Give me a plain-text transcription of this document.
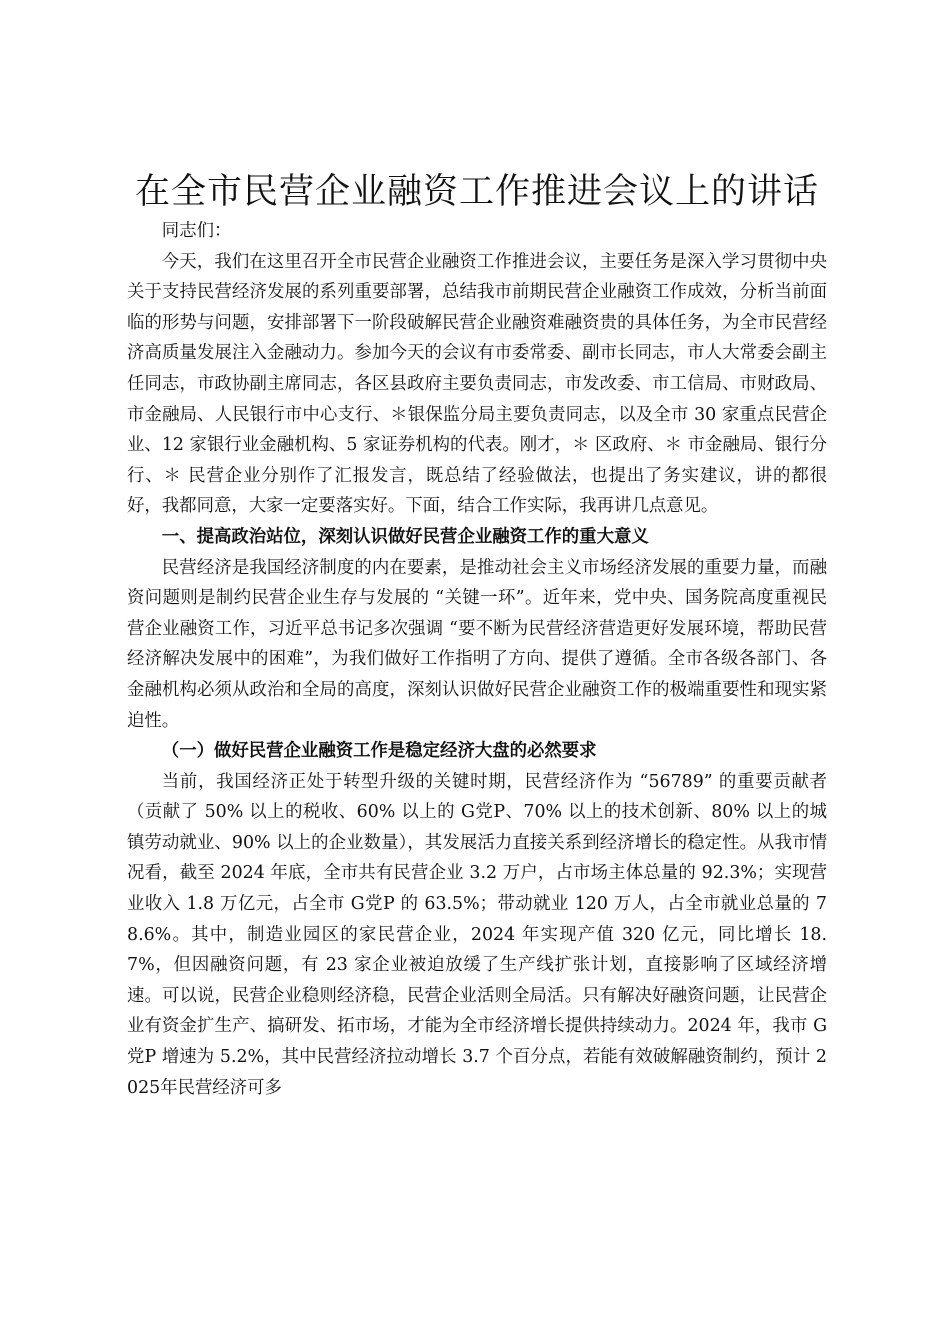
在全市民营企业融资工作推进会议上的讲话

同志们：

今天，我们在这里召开全市民营企业融资工作推进会议，主要任务是深入学习贯彻中央关于支持民营经济发展的系列重要部署，总结我市前期民营企业融资工作成效，分析当前面临的形势与问题，安排部署下一阶段破解民营企业融资难融资贵的具体任务，为全市民营经济高质量发展注入金融动力。参加今天的会议有市委常委、副市长同志，市人大常委会副主任同志，市政协副主席同志，各区县政府主要负责同志，市发改委、市工信局、市财政局、市金融局、人民银行市中心支行、＊银保监分局主要负责同志，以及全市 30 家重点民营企业、12 家银行业金融机构、5 家证券机构的代表。刚才，＊ 区政府、＊ 市金融局、银行分行、＊ 民营企业分别作了汇报发言，既总结了经验做法，也提出了务实建议，讲的都很好，我都同意，大家一定要落实好。下面，结合工作实际，我再讲几点意见。

一、提高政治站位，深刻认识做好民营企业融资工作的重大意义

民营经济是我国经济制度的内在要素，是推动社会主义市场经济发展的重要力量，而融资问题则是制约民营企业生存与发展的 “关键一环”。近年来，党中央、国务院高度重视民营企业融资工作，习近平总书记多次强调 “要不断为民营经济营造更好发展环境，帮助民营经济解决发展中的困难”，为我们做好工作指明了方向、提供了遵循。全市各级各部门、各金融机构必须从政治和全局的高度，深刻认识做好民营企业融资工作的极端重要性和现实紧迫性。

（一）做好民营企业融资工作是稳定经济大盘的必然要求

当前，我国经济正处于转型升级的关键时期，民营经济作为 “56789” 的重要贡献者（贡献了 50% 以上的税收、60% 以上的 G党P、70% 以上的技术创新、80% 以上的城镇劳动就业、90% 以上的企业数量），其发展活力直接关系到经济增长的稳定性。从我市情况看，截至 2024 年底，全市共有民营企业 3.2 万户，占市场主体总量的 92.3%；实现营业收入 1.8 万亿元，占全市 G党P 的 63.5%；带动就业 120 万人，占全市就业总量的 78.6%。其中，制造业园区的家民营企业，2024 年实现产值 320 亿元，同比增长 18.7%，但因融资问题，有 23 家企业被迫放缓了生产线扩张计划，直接影响了区域经济增速。可以说，民营企业稳则经济稳，民营企业活则全局活。只有解决好融资问题，让民营企业有资金扩生产、搞研发、拓市场，才能为全市经济增长提供持续动力。2024 年，我市 G党P 增速为 5.2%，其中民营经济拉动增长 3.7 个百分点，若能有效破解融资制约，预计 2025年民营经济可多
